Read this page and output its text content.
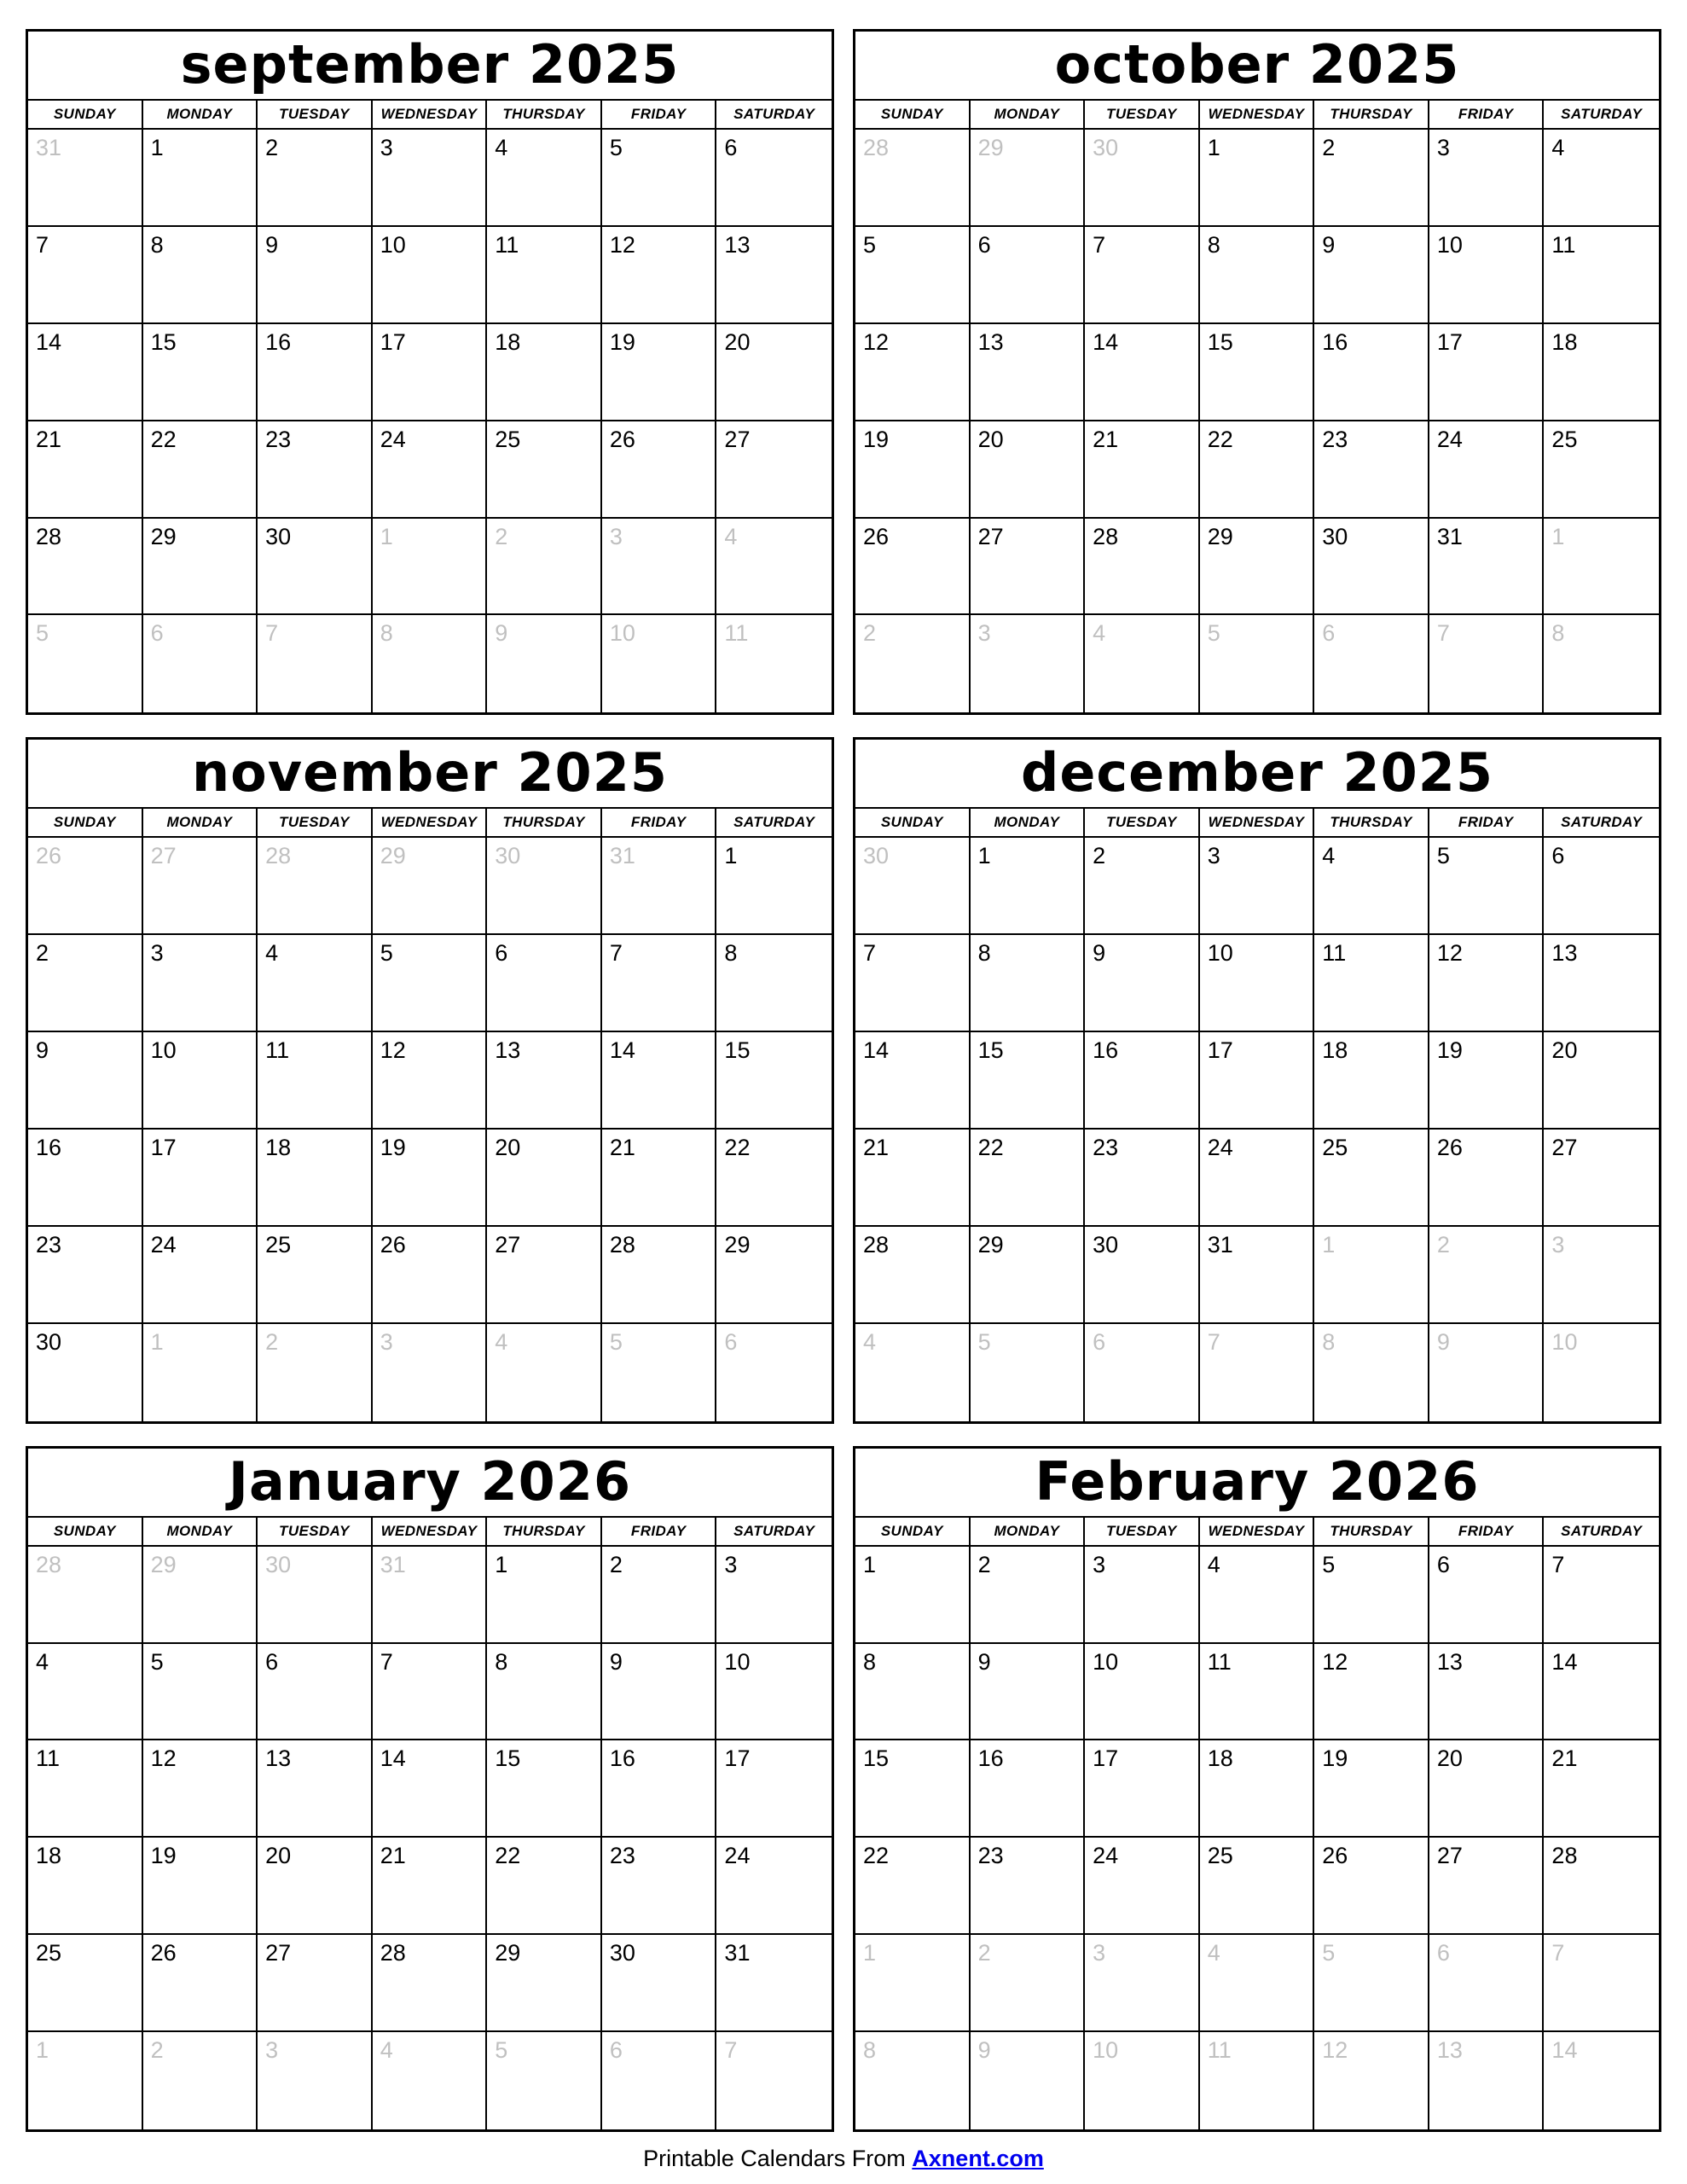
september 2025
SUNDAY	MONDAY	TUESDAY	WEDNESDAY	THURSDAY	FRIDAY	SATURDAY
31	1	2	3	4	5	6
7	8	9	10	11	12	13
14	15	16	17	18	19	20
21	22	23	24	25	26	27
28	29	30	1	2	3	4
5	6	7	8	9	10	11
october 2025
SUNDAY	MONDAY	TUESDAY	WEDNESDAY	THURSDAY	FRIDAY	SATURDAY
28	29	30	1	2	3	4
5	6	7	8	9	10	11
12	13	14	15	16	17	18
19	20	21	22	23	24	25
26	27	28	29	30	31	1
2	3	4	5	6	7	8
november 2025
SUNDAY	MONDAY	TUESDAY	WEDNESDAY	THURSDAY	FRIDAY	SATURDAY
26	27	28	29	30	31	1
2	3	4	5	6	7	8
9	10	11	12	13	14	15
16	17	18	19	20	21	22
23	24	25	26	27	28	29
30	1	2	3	4	5	6
december 2025
SUNDAY	MONDAY	TUESDAY	WEDNESDAY	THURSDAY	FRIDAY	SATURDAY
30	1	2	3	4	5	6
7	8	9	10	11	12	13
14	15	16	17	18	19	20
21	22	23	24	25	26	27
28	29	30	31	1	2	3
4	5	6	7	8	9	10
January 2026
SUNDAY	MONDAY	TUESDAY	WEDNESDAY	THURSDAY	FRIDAY	SATURDAY
28	29	30	31	1	2	3
4	5	6	7	8	9	10
11	12	13	14	15	16	17
18	19	20	21	22	23	24
25	26	27	28	29	30	31
1	2	3	4	5	6	7
February 2026
SUNDAY	MONDAY	TUESDAY	WEDNESDAY	THURSDAY	FRIDAY	SATURDAY
1	2	3	4	5	6	7
8	9	10	11	12	13	14
15	16	17	18	19	20	21
22	23	24	25	26	27	28
1	2	3	4	5	6	7
8	9	10	11	12	13	14
Printable Calendars From Axnent.com
